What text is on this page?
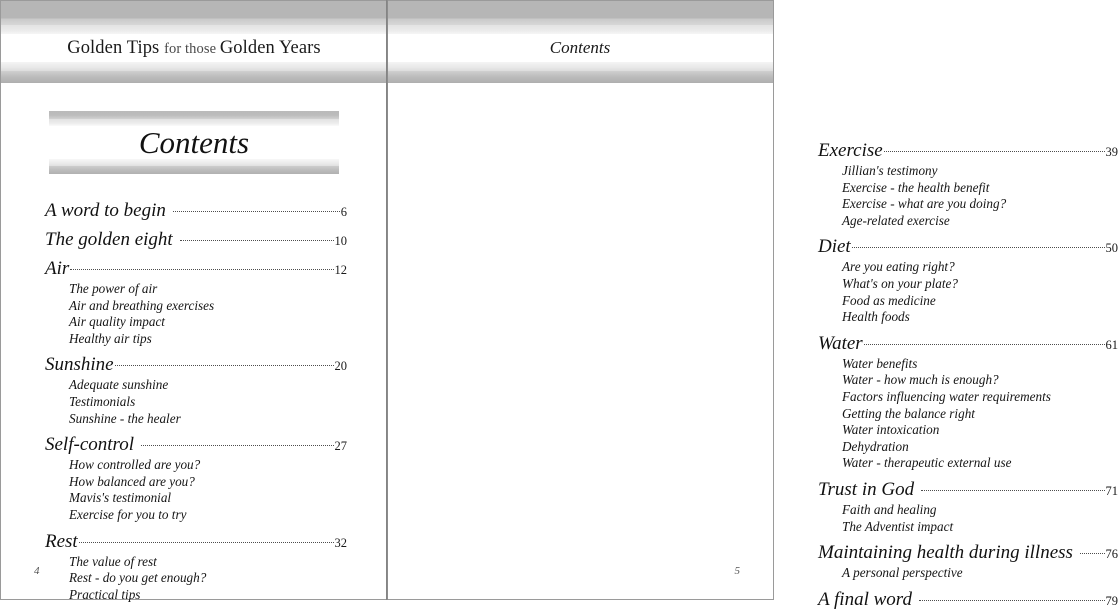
Golden Tips for those Golden Years
Contents
A word to begin	6
The golden eight	10
Air	12
The power of air
Air and breathing exercises
Air quality impact
Healthy air tips
Sunshine	20
Adequate sunshine
Testimonials
Sunshine - the healer
Self-control	27
How controlled are you?
How balanced are you?
Mavis's testimonial
Exercise for you to try
Rest	32
The value of rest
Rest - do you get enough?
Practical tips
4
Contents
Exercise	39
Jillian's testimony
Exercise - the health benefit
Exercise - what are you doing?
Age-related exercise
Diet	50
Are you eating right?
What's on your plate?
Food as medicine
Health foods
Water	61
Water benefits
Water - how much is enough?
Factors influencing water requirements
Getting the balance right
Water intoxication
Dehydration
Water - therapeutic external use
Trust in God	71
Faith and healing
The Adventist impact
Maintaining health during illness	76
A personal perspective
A final word	79
5
